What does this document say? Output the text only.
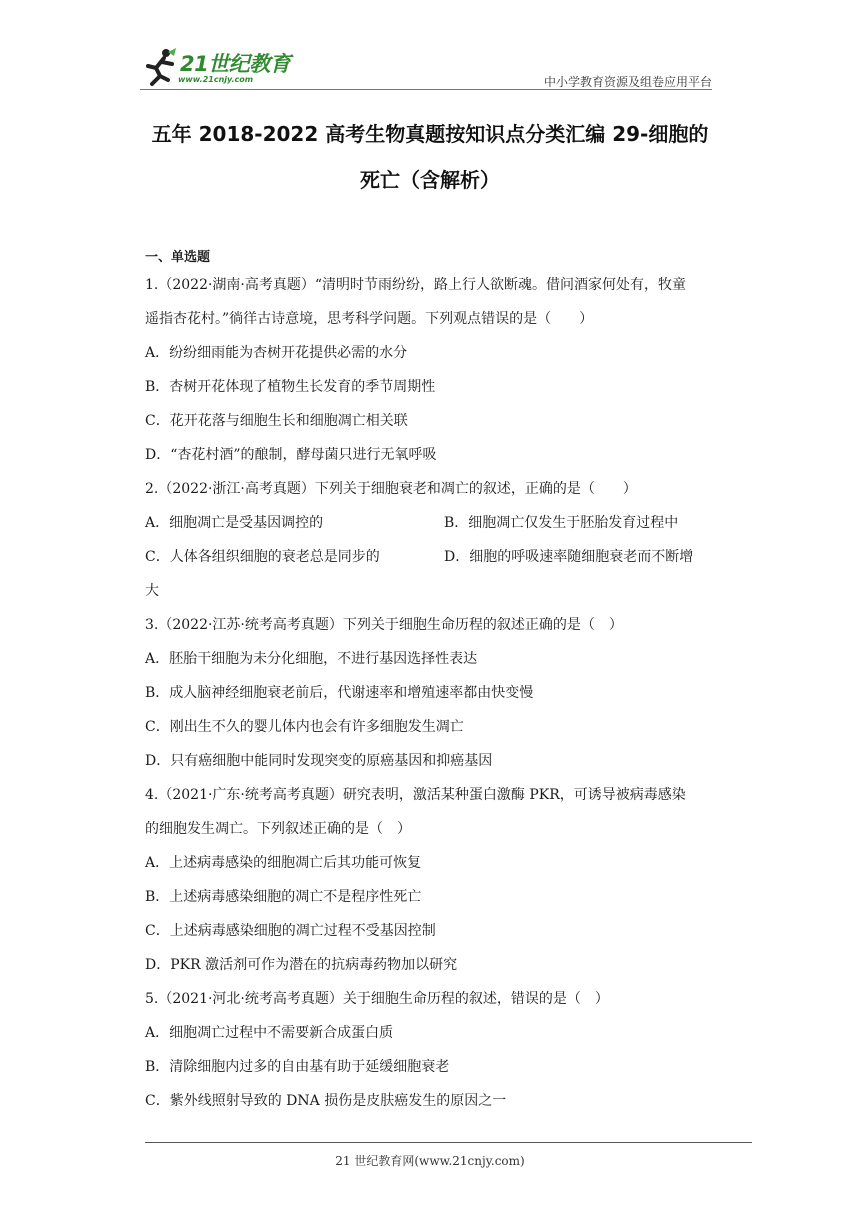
21世纪教育
www.21cnjy.com	中小学教育资源及组卷应用平台
五年 2018-2022 高考生物真题按知识点分类汇编 29-细胞的
死亡（含解析）
一、单选题
1.（2022·湖南·高考真题）“清明时节雨纷纷，路上行人欲断魂。借问酒家何处有，牧童
遥指杏花村。”徜徉古诗意境，思考科学问题。下列观点错误的是（　　）
A．纷纷细雨能为杏树开花提供必需的水分
B．杏树开花体现了植物生长发育的季节周期性
C．花开花落与细胞生长和细胞凋亡相关联
D．“杏花村酒”的酿制，酵母菌只进行无氧呼吸
2.（2022·浙江·高考真题）下列关于细胞衰老和凋亡的叙述，正确的是（　　）
A．细胞凋亡是受基因调控的	B．细胞凋亡仅发生于胚胎发育过程中
C．人体各组织细胞的衰老总是同步的	D．细胞的呼吸速率随细胞衰老而不断增
大
3.（2022·江苏·统考高考真题）下列关于细胞生命历程的叙述正确的是（　）
A．胚胎干细胞为未分化细胞，不进行基因选择性表达
B．成人脑神经细胞衰老前后，代谢速率和增殖速率都由快变慢
C．刚出生不久的婴儿体内也会有许多细胞发生凋亡
D．只有癌细胞中能同时发现突变的原癌基因和抑癌基因
4.（2021·广东·统考高考真题）研究表明，激活某种蛋白激酶 PKR，可诱导被病毒感染
的细胞发生凋亡。下列叙述正确的是（　）
A．上述病毒感染的细胞凋亡后其功能可恢复
B．上述病毒感染细胞的凋亡不是程序性死亡
C．上述病毒感染细胞的凋亡过程不受基因控制
D．PKR 激活剂可作为潜在的抗病毒药物加以研究
5.（2021·河北·统考高考真题）关于细胞生命历程的叙述，错误的是（　）
A．细胞凋亡过程中不需要新合成蛋白质
B．清除细胞内过多的自由基有助于延缓细胞衰老
C．紫外线照射导致的 DNA 损伤是皮肤癌发生的原因之一
21 世纪教育网(www.21cnjy.com)
